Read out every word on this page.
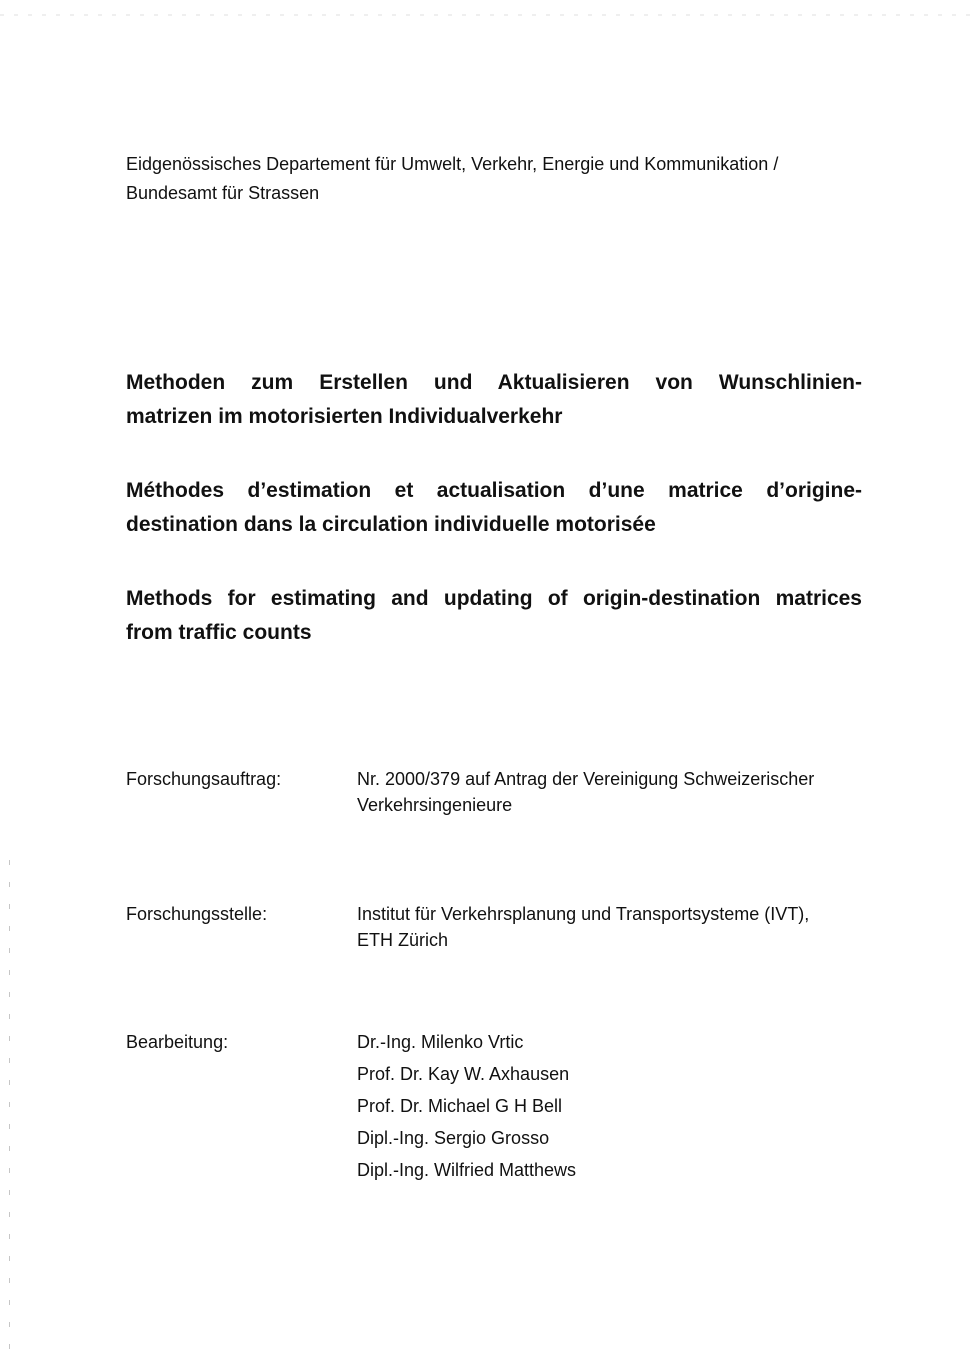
Eidgenössisches Departement für Umwelt, Verkehr, Energie und Kommunikation /
Bundesamt für Strassen
Methoden zum Erstellen und Aktualisieren von Wunschlinien-
matrizen im motorisierten Individualverkehr
Méthodes d’estimation et actualisation d’une matrice d’origine-
destination dans la circulation individuelle motorisée
Methods for estimating and updating of origin-destination matrices
from traffic counts
Forschungsauftrag:	Nr. 2000/379 auf Antrag der Vereinigung Schweizerischer
Verkehrsingenieure
Forschungsstelle:	Institut für Verkehrsplanung und Transportsysteme (IVT),
ETH Zürich
Bearbeitung:	Dr.-Ing. Milenko Vrtic
Prof. Dr. Kay W. Axhausen
Prof. Dr. Michael G H Bell
Dipl.-Ing. Sergio Grosso
Dipl.-Ing. Wilfried Matthews
